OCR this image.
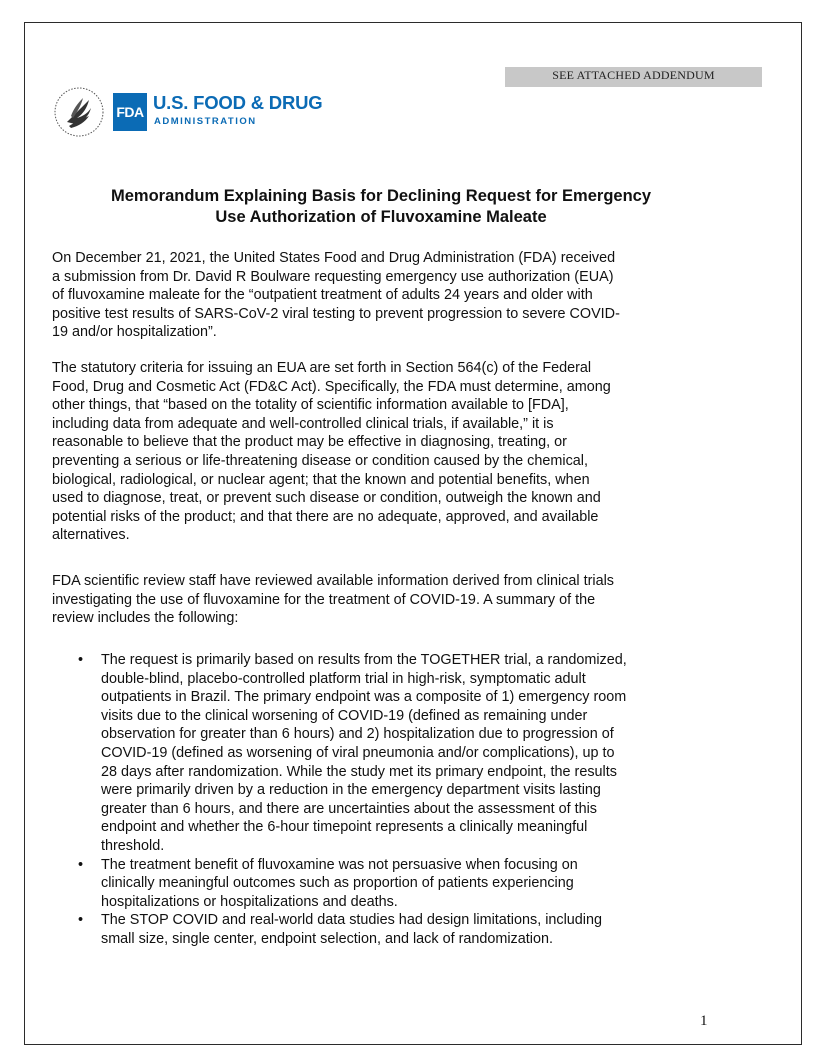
SEE ATTACHED ADDENDUM
FDA U.S. FOOD & DRUG
ADMINISTRATION
Memorandum Explaining Basis for Declining Request for Emergency
Use Authorization of Fluvoxamine Maleate
On December 21, 2021, the United States Food and Drug Administration (FDA) received
a submission from Dr. David R Boulware requesting emergency use authorization (EUA)
of fluvoxamine maleate for the “outpatient treatment of adults 24 years and older with
positive test results of SARS-CoV-2 viral testing to prevent progression to severe COVID-
19 and/or hospitalization”.
The statutory criteria for issuing an EUA are set forth in Section 564(c) of the Federal
Food, Drug and Cosmetic Act (FD&C Act). Specifically, the FDA must determine, among
other things, that “based on the totality of scientific information available to [FDA],
including data from adequate and well-controlled clinical trials, if available,” it is
reasonable to believe that the product may be effective in diagnosing, treating, or
preventing a serious or life-threatening disease or condition caused by the chemical,
biological, radiological, or nuclear agent; that the known and potential benefits, when
used to diagnose, treat, or prevent such disease or condition, outweigh the known and
potential risks of the product; and that there are no adequate, approved, and available
alternatives.
FDA scientific review staff have reviewed available information derived from clinical trials
investigating the use of fluvoxamine for the treatment of COVID-19. A summary of the
review includes the following:
• The request is primarily based on results from the TOGETHER trial, a randomized,
double-blind, placebo-controlled platform trial in high-risk, symptomatic adult
outpatients in Brazil. The primary endpoint was a composite of 1) emergency room
visits due to the clinical worsening of COVID-19 (defined as remaining under
observation for greater than 6 hours) and 2) hospitalization due to progression of
COVID-19 (defined as worsening of viral pneumonia and/or complications), up to
28 days after randomization. While the study met its primary endpoint, the results
were primarily driven by a reduction in the emergency department visits lasting
greater than 6 hours, and there are uncertainties about the assessment of this
endpoint and whether the 6-hour timepoint represents a clinically meaningful
threshold.
• The treatment benefit of fluvoxamine was not persuasive when focusing on
clinically meaningful outcomes such as proportion of patients experiencing
hospitalizations or hospitalizations and deaths.
• The STOP COVID and real-world data studies had design limitations, including
small size, single center, endpoint selection, and lack of randomization.
1
